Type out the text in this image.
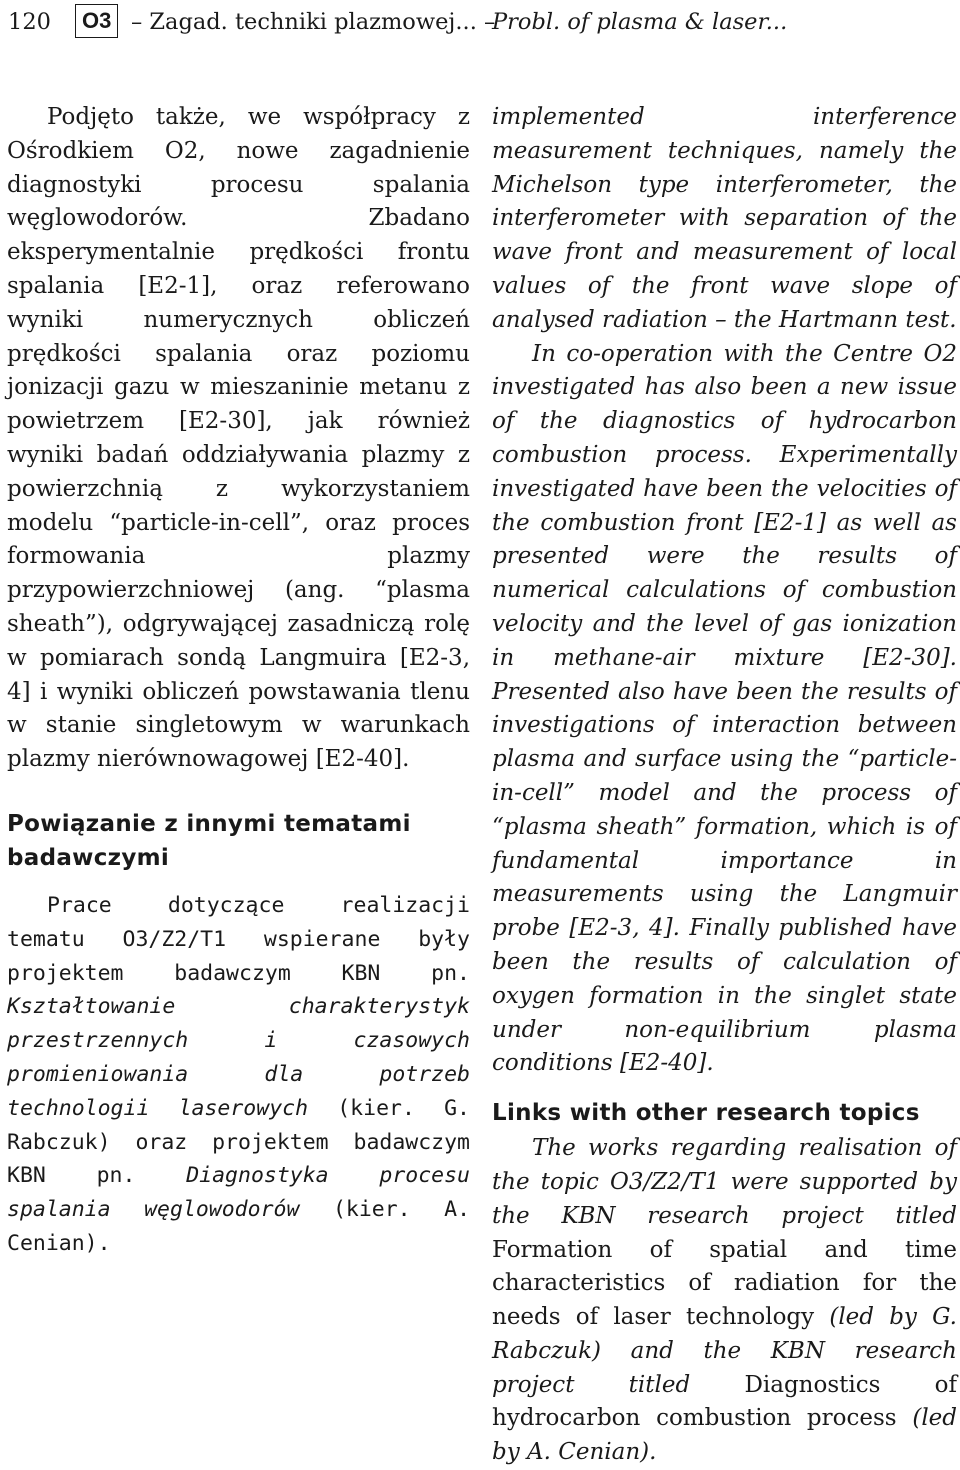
120	O3 – Zagad. techniki plazmowej... –
Probl. of plasma & laser...

Podjęto także, we współpracy z Ośrodkiem O2, nowe zagadnienie diagnostyki procesu spalania węglowodorów. Zbadano eksperymentalnie prędkości frontu spalania [E2-1], oraz referowano wyniki numerycznych obliczeń prędkości spalania oraz poziomu jonizacji gazu w mieszaninie metanu z powietrzem [E2-30], jak również wyniki badań oddziaływania plazmy z powierzchnią z wykorzystaniem modelu “particle-in-cell”, oraz proces formowania plazmy przypowierzchniowej (ang. “plasma sheath”), odgrywającej zasadniczą rolę w pomiarach sondą Langmuira [E2-3, 4] i wyniki obliczeń powstawania tlenu w stanie singletowym w warunkach plazmy nierównowagowej [E2-40].

Powiązanie z innymi tematami badawczymi

Prace dotyczące realizacji tematu O3/Z2/T1 wspierane były projektem badawczym KBN pn. Kształtowanie charakterystyk przestrzennych i czasowych promieniowania dla potrzeb technologii laserowych (kier. G. Rabczuk) oraz projektem badawczym KBN pn. Diagnostyka procesu spalania węglowodorów (kier. A. Cenian).

implemented interference measurement techniques, namely the Michelson type interferometer, the interferometer with separation of the wave front and measurement of local values of the front wave slope of analysed radiation – the Hartmann test.

In co-operation with the Centre O2 investigated has also been a new issue of the diagnostics of hydrocarbon combustion process. Experimentally investigated have been the velocities of the combustion front [E2-1] as well as presented were the results of numerical calculations of combustion velocity and the level of gas ionization in methane-air mixture [E2-30]. Presented also have been the results of investigations of interaction between plasma and surface using the “particle-in-cell” model and the process of “plasma sheath” formation, which is of fundamental importance in measurements using the Langmuir probe [E2-3, 4]. Finally published have been the results of calculation of oxygen formation in the singlet state under non-equilibrium plasma conditions [E2-40].

Links with other research topics

The works regarding realisation of the topic O3/Z2/T1 were supported by the KBN research project titled Formation of spatial and time characteristics of radiation for the needs of laser technology (led by G. Rabczuk) and the KBN research project titled Diagnostics of hydrocarbon combustion process (led by A. Cenian).
